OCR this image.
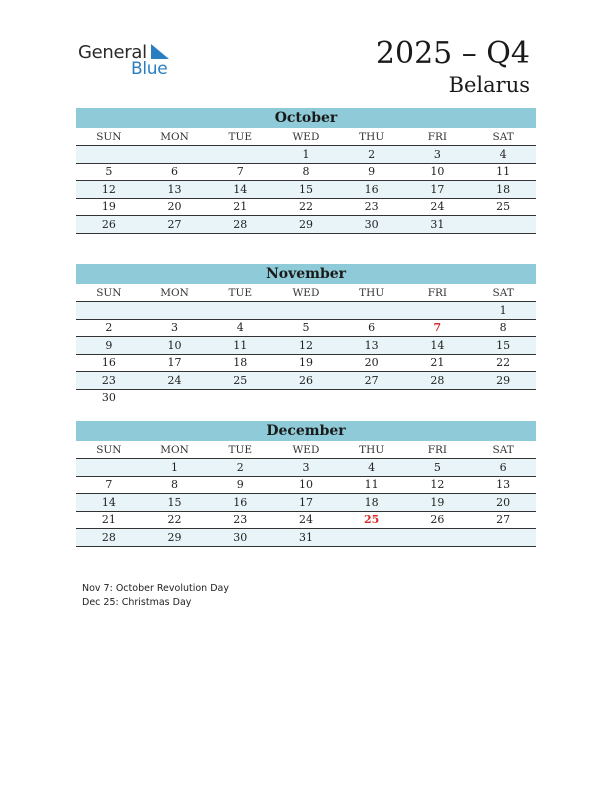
General
Blue	2025 – Q4
Belarus
October
SUN	MON	TUE	WED	THU	FRI	SAT
			1	2	3	4
5	6	7	8	9	10	11
12	13	14	15	16	17	18
19	20	21	22	23	24	25
26	27	28	29	30	31	
November
SUN	MON	TUE	WED	THU	FRI	SAT
						1
2	3	4	5	6	7	8
9	10	11	12	13	14	15
16	17	18	19	20	21	22
23	24	25	26	27	28	29
30						
December
SUN	MON	TUE	WED	THU	FRI	SAT
	1	2	3	4	5	6
7	8	9	10	11	12	13
14	15	16	17	18	19	20
21	22	23	24	25	26	27
28	29	30	31			
Nov 7: October Revolution Day
Dec 25: Christmas Day
